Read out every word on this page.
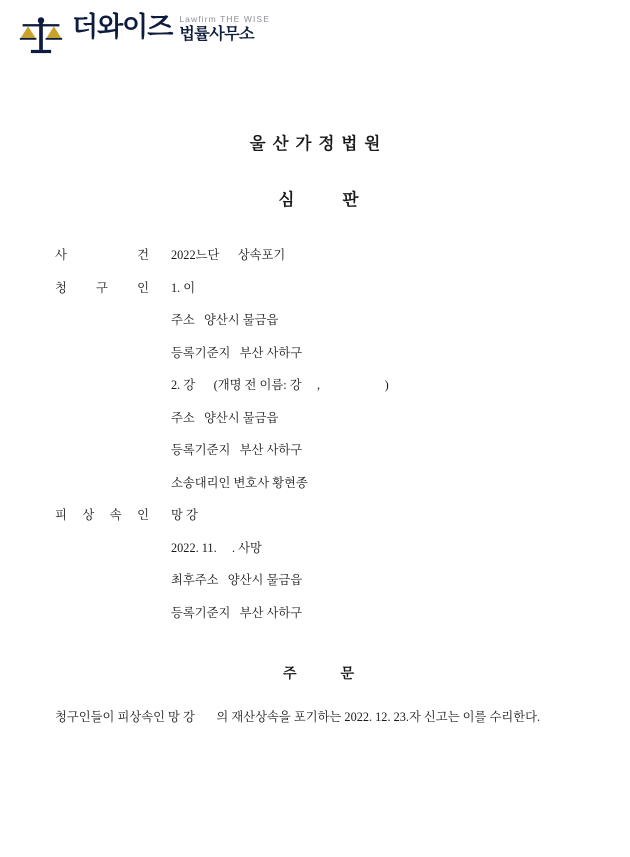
더와이즈 Lawfirm THE WISE
법률사무소
울산가정법원
심	판
사	건 2022느단      상속포기
청 구 인 1. 이
주소   양산시 물금읍
등록기준지   부산 사하구
2. 강      (개명 전 이름: 강     ,                     )
주소   양산시 물금읍
등록기준지   부산 사하구
소송대리인 변호사 황현종
피 상 속 인 망 강
2022. 11.     . 사망
최후주소   양산시 물금읍
등록기준지   부산 사하구
주	문
청구인들이 피상속인 망 강       의 재산상속을 포기하는 2022. 12. 23.자 신고는 이를 수리한다.
